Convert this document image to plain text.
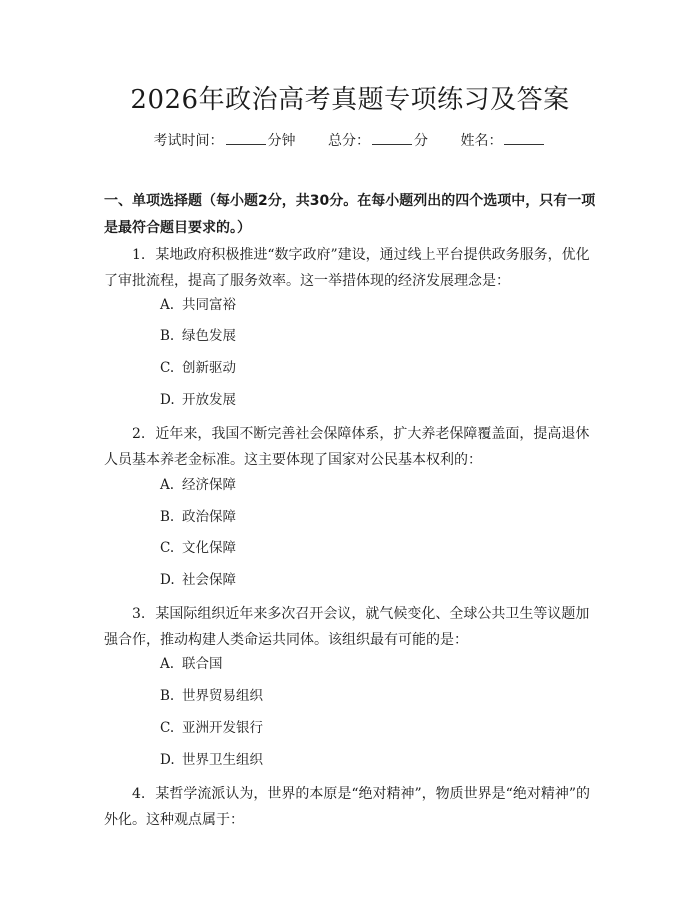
2026年政治高考真题专项练习及答案
考试时间：	分钟 总分：	分 姓名：
一、单项选择题（每小题2分，共30分。在每小题列出的四个选项中，只有一项是最符合题目要求的。）
1. 某地政府积极推进“数字政府”建设，通过线上平台提供政务服务，优化了审批流程，提高了服务效率。这一举措体现的经济发展理念是：
A. 共同富裕
B. 绿色发展
C. 创新驱动
D. 开放发展
2. 近年来，我国不断完善社会保障体系，扩大养老保障覆盖面，提高退休人员基本养老金标准。这主要体现了国家对公民基本权利的：
A. 经济保障
B. 政治保障
C. 文化保障
D. 社会保障
3. 某国际组织近年来多次召开会议，就气候变化、全球公共卫生等议题加强合作，推动构建人类命运共同体。该组织最有可能的是：
A. 联合国
B. 世界贸易组织
C. 亚洲开发银行
D. 世界卫生组织
4. 某哲学流派认为，世界的本原是“绝对精神”，物质世界是“绝对精神”的外化。这种观点属于：
